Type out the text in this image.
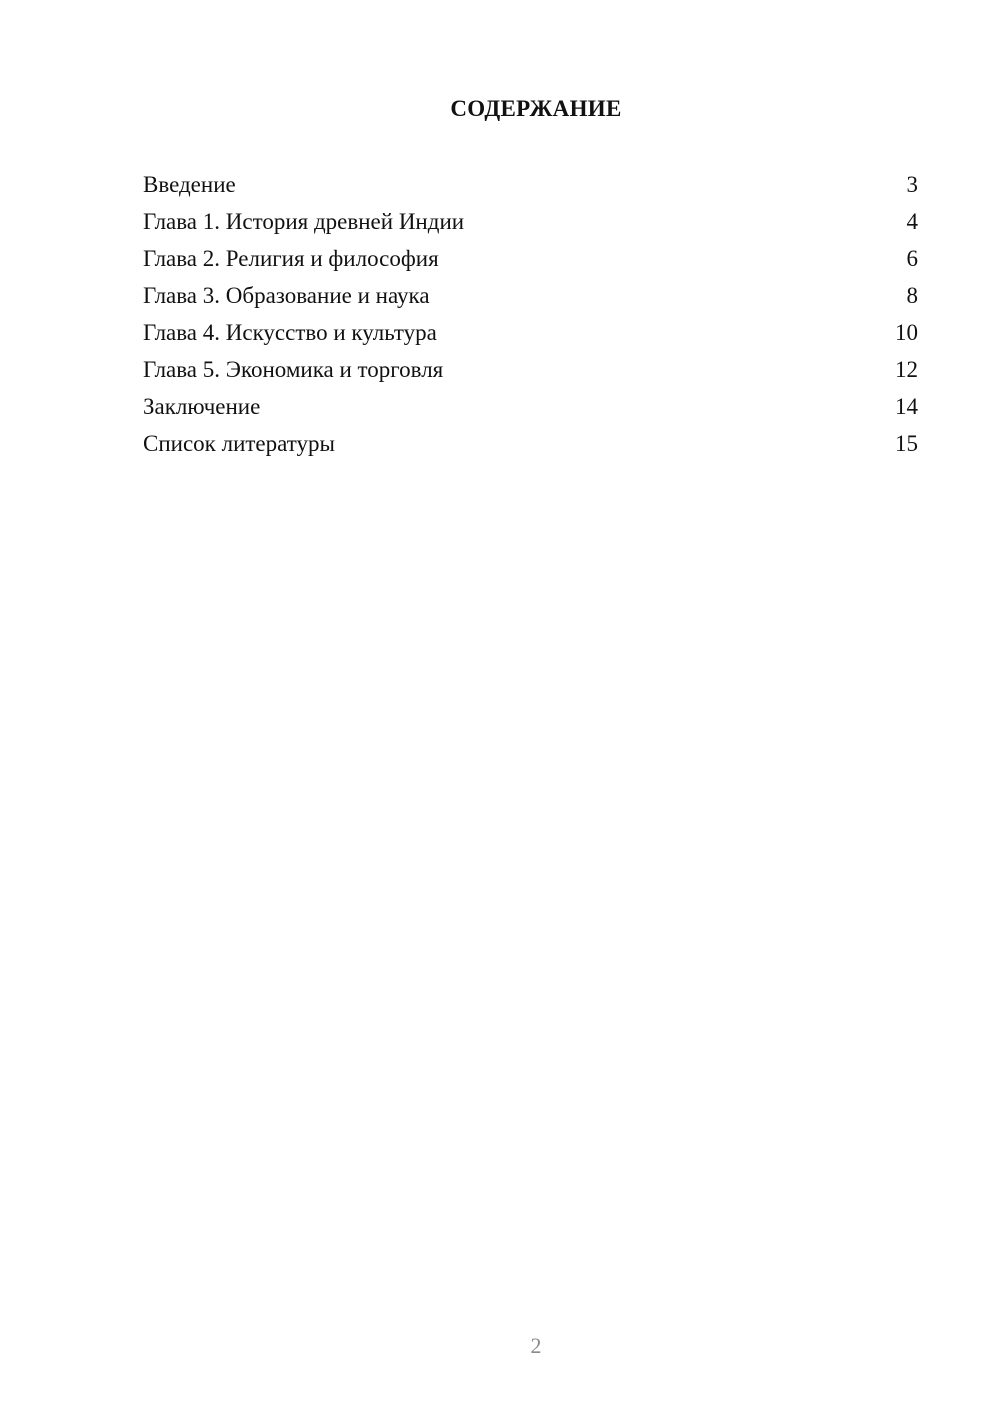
СОДЕРЖАНИЕ
Введение	3
Глава 1. История древней Индии	4
Глава 2. Религия и философия	6
Глава 3. Образование и наука	8
Глава 4. Искусство и культура	10
Глава 5. Экономика и торговля	12
Заключение	14
Список литературы	15
2
